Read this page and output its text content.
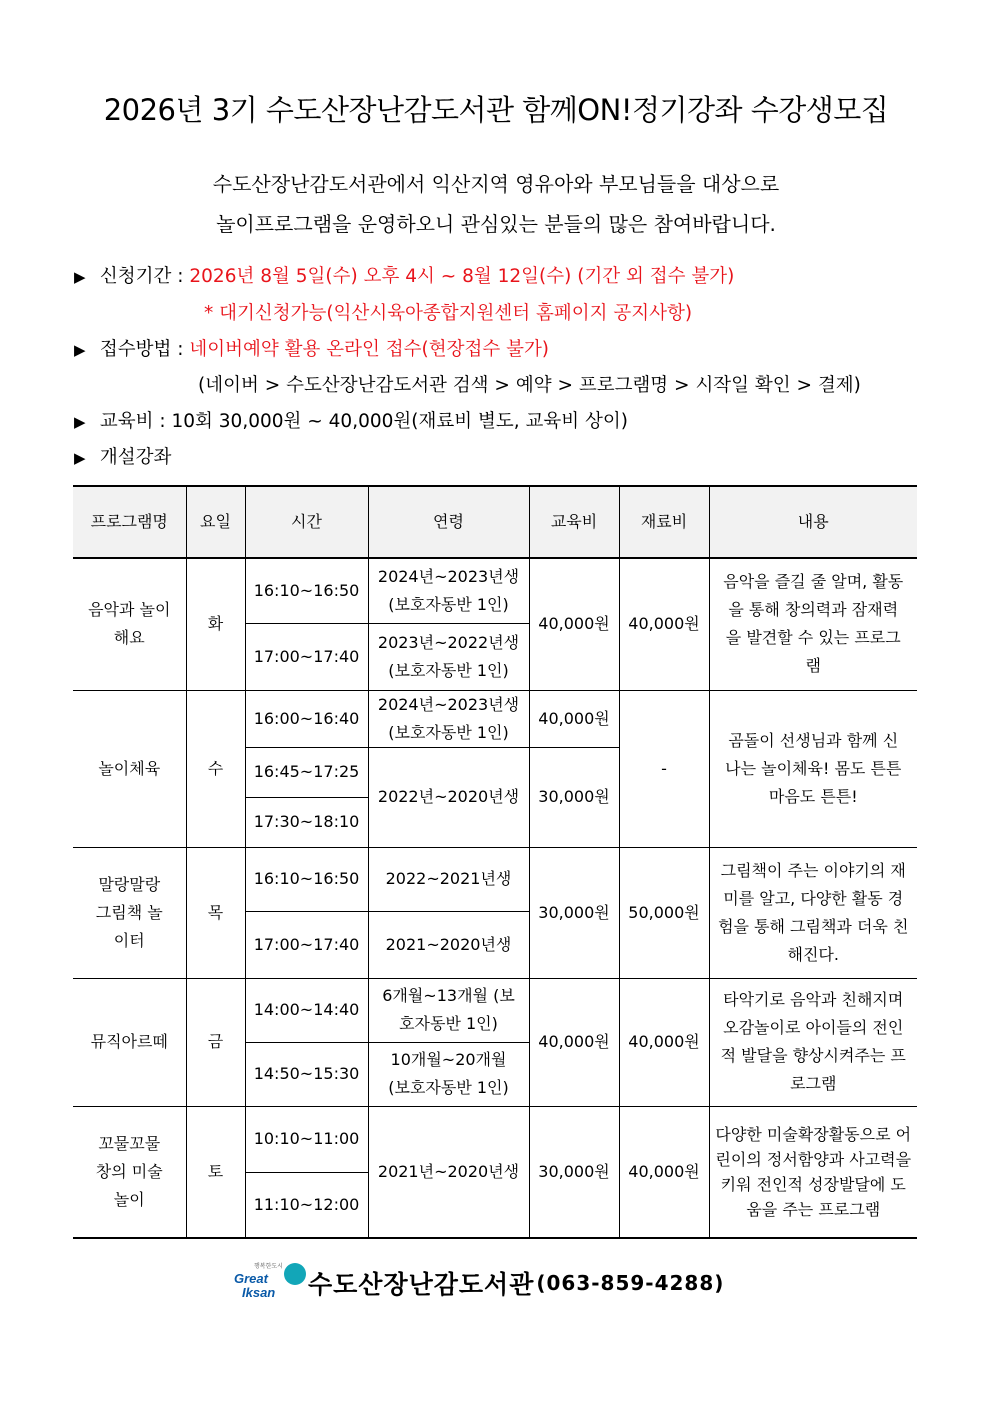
2026년 3기 수도산장난감도서관 함께ON!정기강좌 수강생모집
수도산장난감도서관에서 익산지역 영유아와 부모님들을 대상으로
놀이프로그램을 운영하오니 관심있는 분들의 많은 참여바랍니다.
▶ 신청기간 : 2026년 8월 5일(수) 오후 4시 ~ 8월 12일(수) (기간 외 접수 불가)
* 대기신청가능(익산시육아종합지원센터 홈페이지 공지사항)
▶ 접수방법 : 네이버예약 활용 온라인 접수(현장접수 불가)
(네이버 > 수도산장난감도서관 검색 > 예약 > 프로그램명 > 시작일 확인 > 결제)
▶ 교육비 : 10회 30,000원 ~ 40,000원(재료비 별도, 교육비 상이)
▶ 개설강좌
프로그램명	요일	시간	연령	교육비	재료비	내용
음악과 놀이해요	화	16:10~16:50	2024년~2023년생 (보호자동반 1인)	40,000원	40,000원	음악을 즐길 줄 알며, 활동을 통해 창의력과 잠재력을 발견할 수 있는 프로그램
		17:00~17:40	2023년~2022년생 (보호자동반 1인)			
놀이체육	수	16:00~16:40	2024년~2023년생 (보호자동반 1인)	40,000원	-	곰돌이 선생님과 함께 신나는 놀이체육! 몸도 튼튼 마음도 튼튼!
		16:45~17:25	2022년~2020년생	30,000원		
		17:30~18:10				
말랑말랑 그림책 놀이터	목	16:10~16:50	2022~2021년생	30,000원	50,000원	그림책이 주는 이야기의 재미를 알고, 다양한 활동 경험을 통해 그림책과 더욱 친해진다.
		17:00~17:40	2021~2020년생			
뮤직아르떼	금	14:00~14:40	6개월~13개월 (보호자동반 1인)	40,000원	40,000원	타악기로 음악과 친해지며 오감놀이로 아이들의 전인적 발달을 향상시켜주는 프로그램
		14:50~15:30	10개월~20개월 (보호자동반 1인)			
꼬물꼬물 창의 미술놀이	토	10:10~11:00	2021년~2020년생	30,000원	40,000원	다양한 미술확장활동으로 어린이의 정서함양과 사고력을 키워 전인적 성장발달에 도움을 주는 프로그램
		11:10~12:00				
행복한도시
Great
Iksan 수도산장난감도서관 (063-859-4288)
